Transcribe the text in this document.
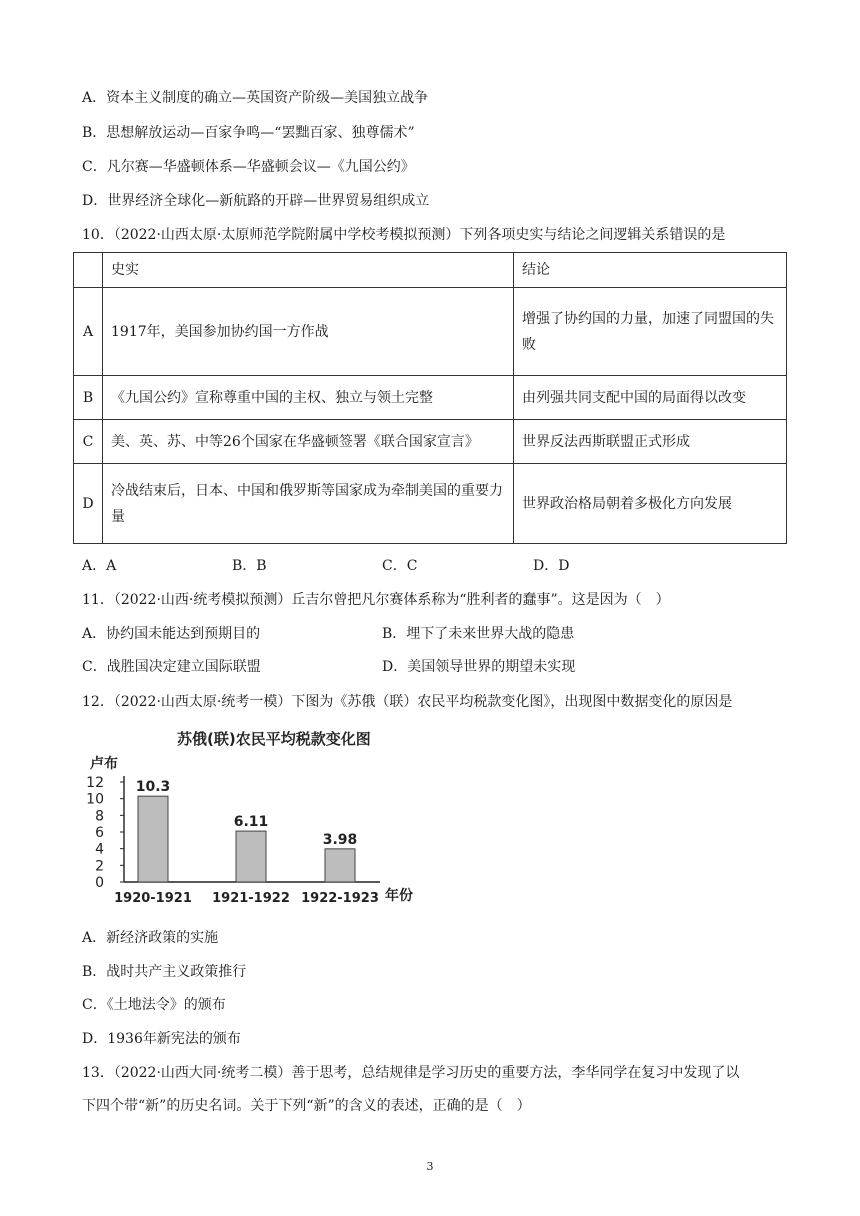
A．资本主义制度的确立—英国资产阶级—美国独立战争
B．思想解放运动—百家争鸣—“罢黜百家、独尊儒术”
C．凡尔赛—华盛顿体系—华盛顿会议—《九国公约》
D．世界经济全球化—新航路的开辟—世界贸易组织成立
10．（2022·山西太原·太原师范学院附属中学校考模拟预测）下列各项史实与结论之间逻辑关系错误的是
	史实	结论
A	1917年，美国参加协约国一方作战	增强了协约国的力量，加速了同盟国的失败
B	《九国公约》宣称尊重中国的主权、独立与领土完整	由列强共同支配中国的局面得以改变
C	美、英、苏、中等26个国家在华盛顿签署《联合国家宣言》	世界反法西斯联盟正式形成
D	冷战结束后，日本、中国和俄罗斯等国家成为牵制美国的重要力量	世界政治格局朝着多极化方向发展
A．A	B．B	C．C	D．D
11．（2022·山西·统考模拟预测）丘吉尔曾把凡尔赛体系称为“胜利者的蠢事”。这是因为（　）
A．协约国未能达到预期目的	B．埋下了未来世界大战的隐患
C．战胜国决定建立国际联盟	D．美国领导世界的期望未实现
12．（2022·山西太原·统考一模）下图为《苏俄（联）农民平均税款变化图》，出现图中数据变化的原因是
苏俄(联)农民平均税款变化图
卢布
年份
0
2
4
6
8
10
12 10.3
1920-1921
6.11
1921-1922
3.98
1922-1923
A．新经济政策的实施
B．战时共产主义政策推行
C．《土地法令》的颁布
D．1936年新宪法的颁布
13．（2022·山西大同·统考二模）善于思考，总结规律是学习历史的重要方法，李华同学在复习中发现了以
下四个带“新”的历史名词。关于下列“新”的含义的表述，正确的是（　）
3
